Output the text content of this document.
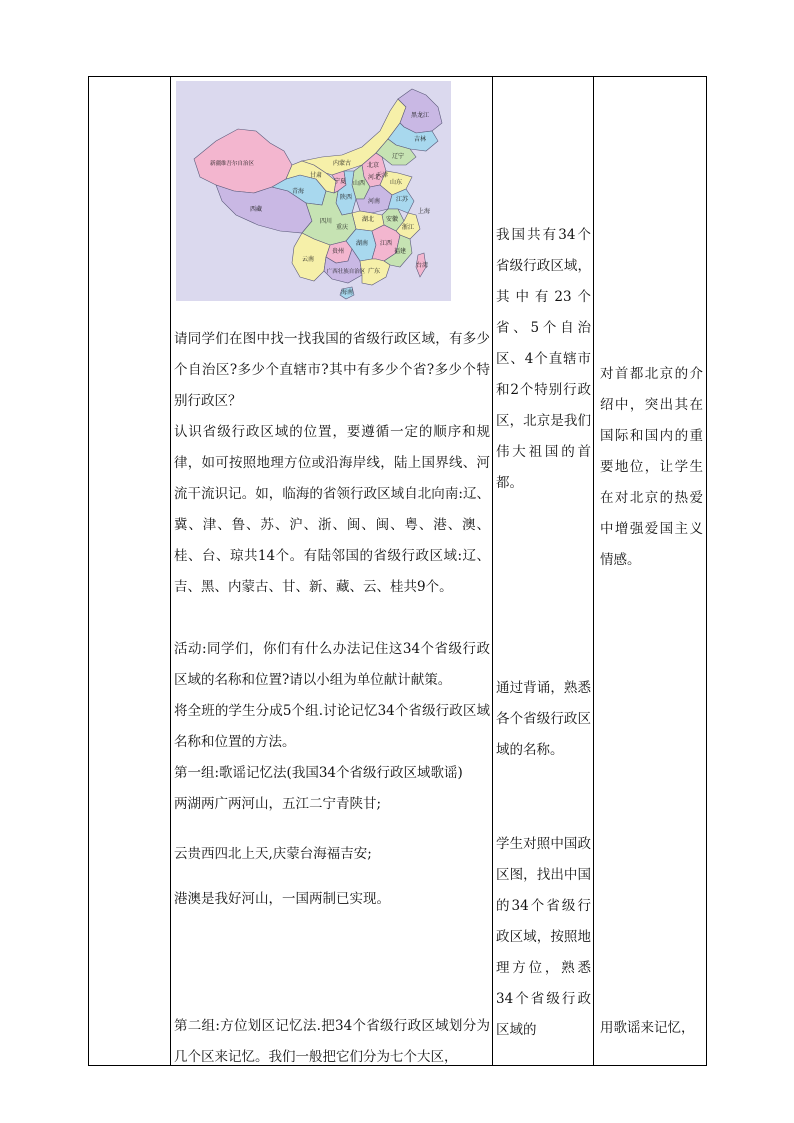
黑龙江
吉林
辽宁
新疆维吾尔自治区
西藏
青海
甘肃
宁夏
陕西
内蒙古	北京
天津
河北
山西	山东
河南	江苏
安徽
上海
浙江
湖北
四川
重庆
湖南 江西
福建
贵州
云南
广西壮族自治区 广东
台湾
海南
请同学们在图中找一找我国的省级行政区域，有多少个自治区?多少个直辖市?其中有多少个省?多少个特别行政区？
认识省级行政区域的位置，要遵循一定的顺序和规律，如可按照地理方位或沿海岸线，陆上国界线、河流干流识记。如，临海的省领行政区域自北向南:辽、冀、津、鲁、苏、沪、浙、闽、闽、粤、港、澳、桂、台、琼共14个。有陆邻国的省级行政区域:辽、吉、黑、内蒙古、甘、新、藏、云、桂共9个。
活动:同学们，你们有什么办法记住这34个省级行政区域的名称和位置?请以小组为单位献计献策。
将全班的学生分成5个组.讨论记忆34个省级行政区域名称和位置的方法。
第一组:歌谣记忆法(我国34个省级行政区域歌谣)
两湖两广两河山，五江二宁青陕甘;
云贵西四北上天,庆蒙台海福吉安;
港澳是我好河山，一国两制已实现。
第二组:方位划区记忆法.把34个省级行政区域划分为几个区来记忆。我们一般把它们分为七个大区，
我国共有34个省级行政区域，其中有23个省、5个自治区、4个直辖市和2个特别行政区，北京是我们伟大祖国的首都。
通过背诵，熟悉各个省级行政区域的名称。
学生对照中国政区图，找出中国的34个省级行政区域，按照地理方位，熟悉34个省级行政区域的
对首都北京的介绍中，突出其在国际和国内的重要地位，让学生在对北京的热爱中增强爱国主义情感。
用歌谣来记忆，
